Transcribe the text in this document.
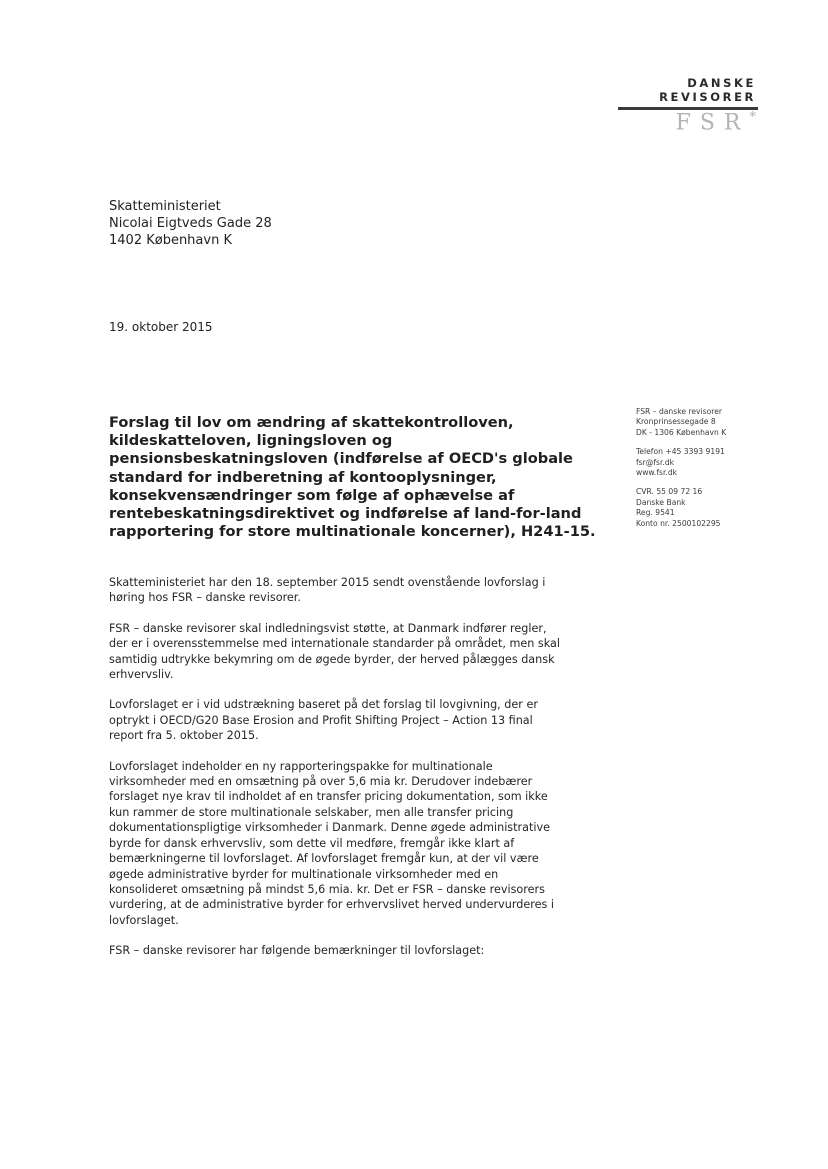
DANSKE
REVISORER
FSR*
Skatteministeriet
Nicolai Eigtveds Gade 28
1402 København K
19. oktober 2015
FSR – danske revisorer
Kronprinsessegade 8
DK - 1306 København K
Telefon +45 3393 9191
fsr@fsr.dk
www.fsr.dk
CVR. 55 09 72 16
Danske Bank
Reg. 9541
Konto nr. 2500102295
Forslag til lov om ændring af skattekontrolloven,
kildeskatteloven, ligningsloven og
pensionsbeskatningsloven (indførelse af OECD's globale
standard for indberetning af kontooplysninger,
konsekvensændringer som følge af ophævelse af
rentebeskatningsdirektivet og indførelse af land-for-land
rapportering for store multinationale koncerner), H241-15.

Skatteministeriet har den 18. september 2015 sendt ovenstående lovforslag i
høring hos FSR – danske revisorer.

FSR – danske revisorer skal indledningsvist støtte, at Danmark indfører regler,
der er i overensstemmelse med internationale standarder på området, men skal
samtidig udtrykke bekymring om de øgede byrder, der herved pålægges dansk
erhvervsliv.

Lovforslaget er i vid udstrækning baseret på det forslag til lovgivning, der er
optrykt i OECD/G20 Base Erosion and Profit Shifting Project – Action 13 final
report fra 5. oktober 2015.

Lovforslaget indeholder en ny rapporteringspakke for multinationale
virksomheder med en omsætning på over 5,6 mia kr. Derudover indebærer
forslaget nye krav til indholdet af en transfer pricing dokumentation, som ikke
kun rammer de store multinationale selskaber, men alle transfer pricing
dokumentationspligtige virksomheder i Danmark. Denne øgede administrative
byrde for dansk erhvervsliv, som dette vil medføre, fremgår ikke klart af
bemærkningerne til lovforslaget. Af lovforslaget fremgår kun, at der vil være
øgede administrative byrder for multinationale virksomheder med en
konsolideret omsætning på mindst 5,6 mia. kr. Det er FSR – danske revisorers
vurdering, at de administrative byrder for erhvervslivet herved undervurderes i
lovforslaget.

FSR – danske revisorer har følgende bemærkninger til lovforslaget:
